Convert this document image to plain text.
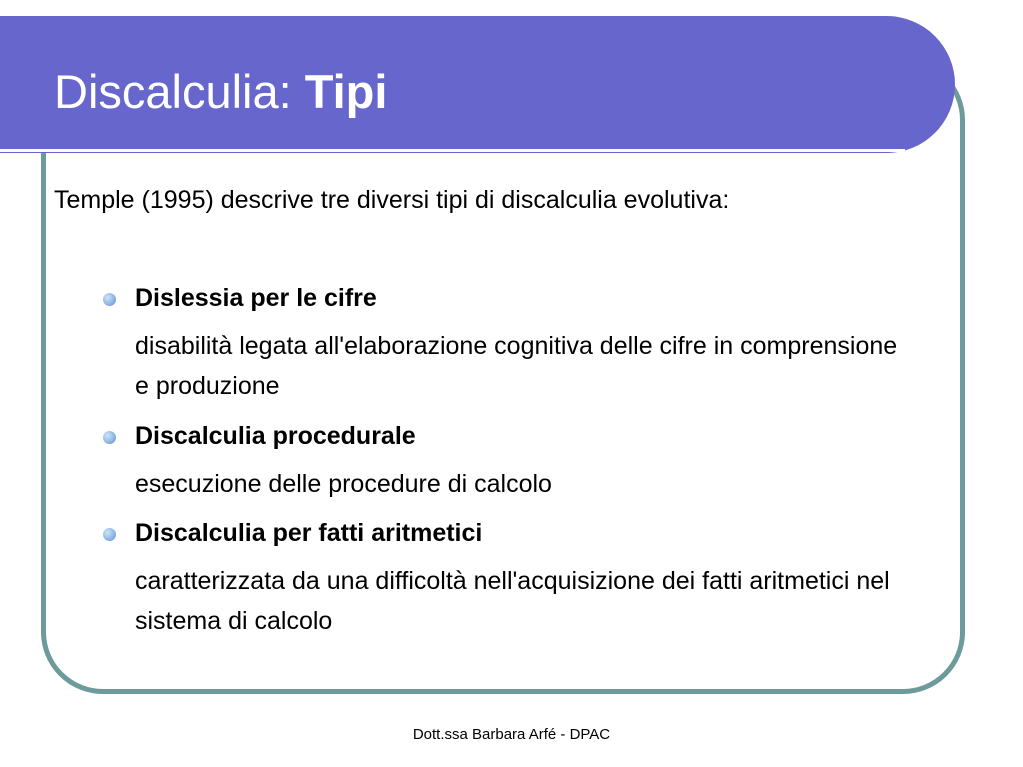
Discalculia: Tipi

Temple (1995) descrive tre diversi tipi di discalculia evolutiva:

Dislessia per le cifre

disabilità legata all'elaborazione cognitiva delle cifre in comprensione e produzione

Discalculia procedurale

esecuzione delle procedure di calcolo

Discalculia per fatti aritmetici

caratterizzata da una difficoltà nell'acquisizione dei fatti aritmetici nel sistema di calcolo

Dott.ssa Barbara Arfé - DPAC
